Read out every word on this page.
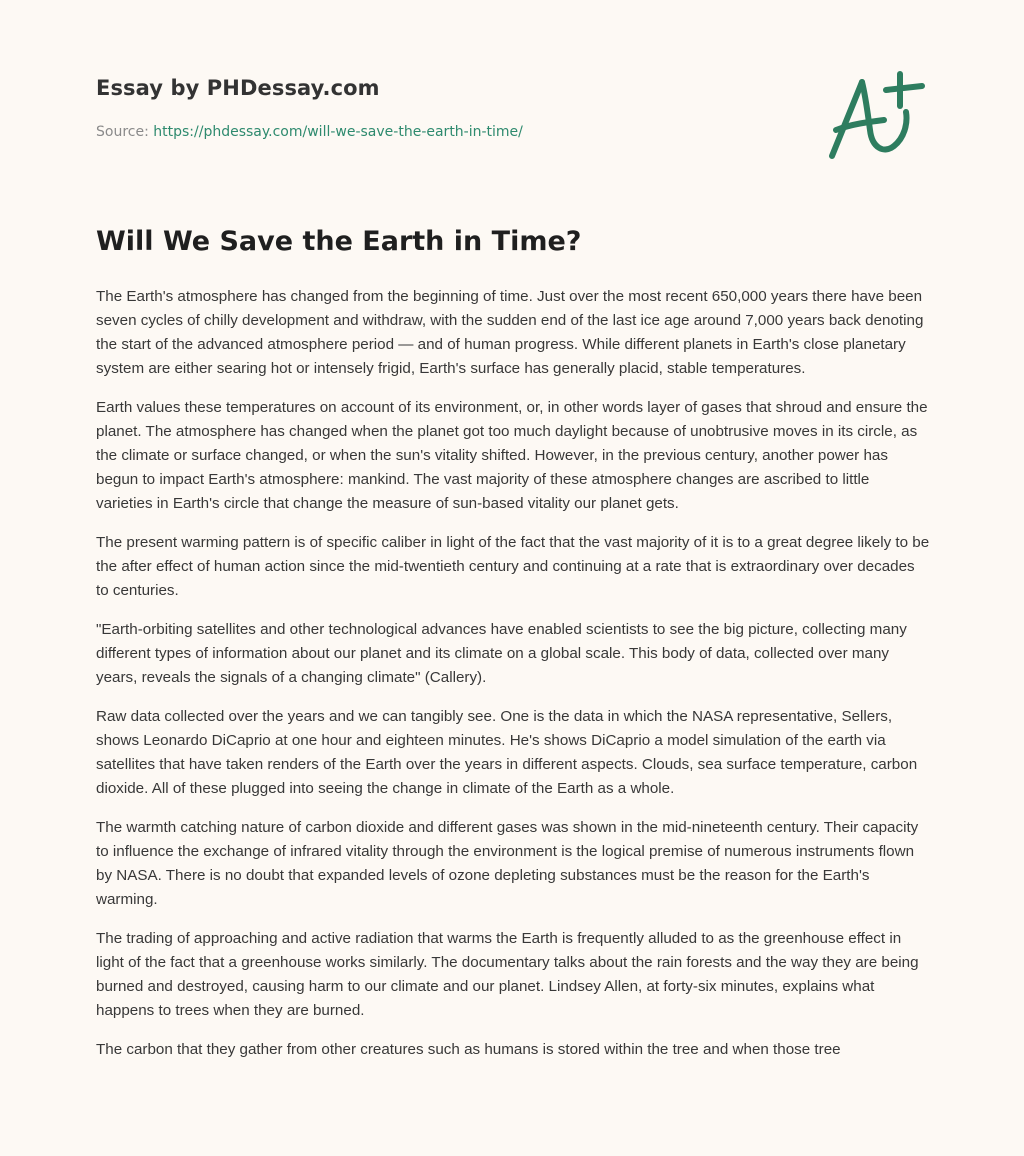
Essay by PHDessay.com
Source: https://phdessay.com/will-we-save-the-earth-in-time/
Will We Save the Earth in Time?

The Earth's atmosphere has changed from the beginning of time. Just over the most recent 650,000 years there have been seven cycles of chilly development and withdraw, with the sudden end of the last ice age around 7,000 years back denoting the start of the advanced atmosphere period — and of human progress. While different planets in Earth's close planetary system are either searing hot or intensely frigid, Earth's surface has generally placid, stable temperatures.

Earth values these temperatures on account of its environment, or, in other words layer of gases that shroud and ensure the planet. The atmosphere has changed when the planet got too much daylight because of unobtrusive moves in its circle, as the climate or surface changed, or when the sun's vitality shifted. However, in the previous century, another power has begun to impact Earth's atmosphere: mankind. The vast majority of these atmosphere changes are ascribed to little varieties in Earth's circle that change the measure of sun-based vitality our planet gets.

The present warming pattern is of specific caliber in light of the fact that the vast majority of it is to a great degree likely to be the after effect of human action since the mid-twentieth century and continuing at a rate that is extraordinary over decades to centuries.

"Earth-orbiting satellites and other technological advances have enabled scientists to see the big picture, collecting many different types of information about our planet and its climate on a global scale. This body of data, collected over many years, reveals the signals of a changing climate" (Callery).

Raw data collected over the years and we can tangibly see. One is the data in which the NASA representative, Sellers, shows Leonardo DiCaprio at one hour and eighteen minutes. He's shows DiCaprio a model simulation of the earth via satellites that have taken renders of the Earth over the years in different aspects. Clouds, sea surface temperature, carbon dioxide. All of these plugged into seeing the change in climate of the Earth as a whole.

The warmth catching nature of carbon dioxide and different gases was shown in the mid-nineteenth century. Their capacity to influence the exchange of infrared vitality through the environment is the logical premise of numerous instruments flown by NASA. There is no doubt that expanded levels of ozone depleting substances must be the reason for the Earth's warming.

The trading of approaching and active radiation that warms the Earth is frequently alluded to as the greenhouse effect in light of the fact that a greenhouse works similarly. The documentary talks about the rain forests and the way they are being burned and destroyed, causing harm to our climate and our planet. Lindsey Allen, at forty-six minutes, explains what happens to trees when they are burned.

The carbon that they gather from other creatures such as humans is stored within the tree and when those tree
